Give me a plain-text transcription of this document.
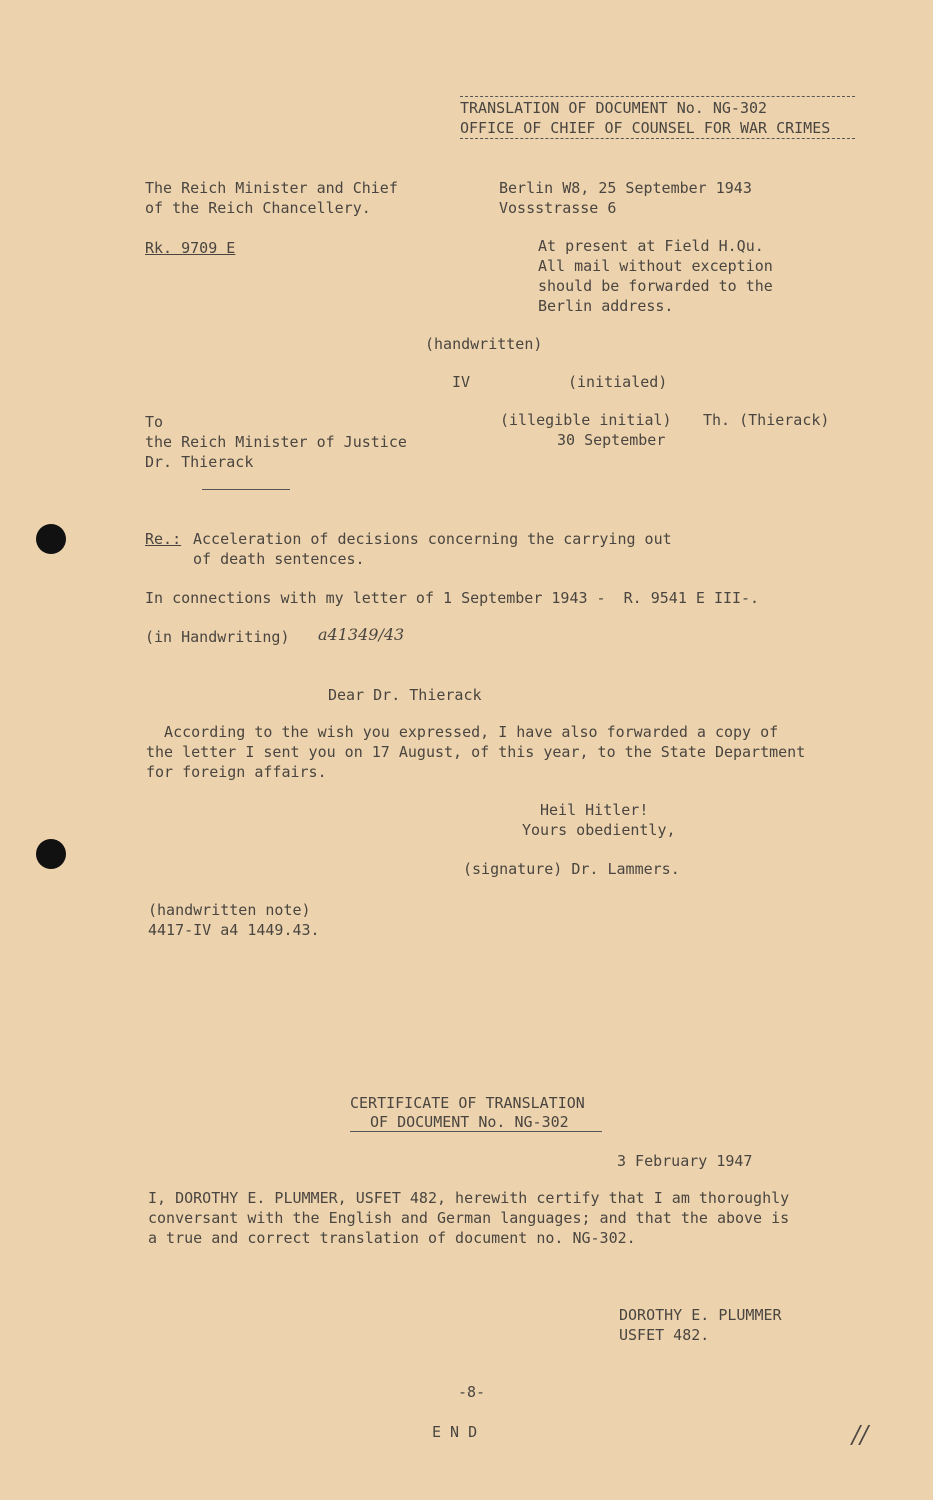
TRANSLATION OF DOCUMENT No. NG-302

OFFICE OF CHIEF OF COUNSEL FOR WAR CRIMES

The Reich Minister and Chief

of the Reich Chancellery.

Rk. 9709 E

Berlin W8, 25 September 1943

Vossstrasse 6

At present at Field H.Qu.

All mail without exception

should be forwarded to the

Berlin address.

(handwritten)

IV	(initialed)

(illegible initial) Th. (Thierack)

30 September

To

the Reich Minister of Justice

Dr. Thierack

Re.: Acceleration of decisions concerning the carrying out

of death sentences.

In connections with my letter of 1 September 1943 -  R. 9541 E III-.

(in Handwriting) a41349/43

Dear Dr. Thierack

According to the wish you expressed, I have also forwarded a copy of

the letter I sent you on 17 August, of this year, to the State Department

for foreign affairs.

Heil Hitler!

Yours obediently,

(signature) Dr. Lammers.

(handwritten note)

4417-IV a4 1449.43.

CERTIFICATE OF TRANSLATION

OF DOCUMENT No. NG-302

3 February 1947

I, DOROTHY E. PLUMMER, USFET 482, herewith certify that I am thoroughly

conversant with the English and German languages; and that the above is

a true and correct translation of document no. NG-302.

DOROTHY E. PLUMMER

USFET 482.

-8-

E N D	//
